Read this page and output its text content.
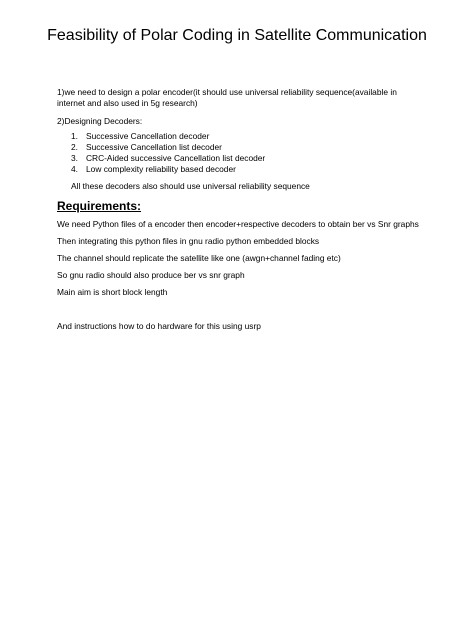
Feasibility of Polar Coding in Satellite Communication
1)we need to design a polar encoder(it should use universal reliability sequence(available in internet and also used in 5g research)
2)Designing Decoders:
1. Successive Cancellation decoder
2. Successive Cancellation list decoder
3. CRC-Aided successive Cancellation list decoder
4. Low complexity reliability based decoder
All these decoders also should use universal reliability sequence
Requirements:
We need Python files of a encoder then encoder+respective decoders to obtain ber vs Snr graphs
Then integrating this python files in gnu radio python embedded blocks
The channel should replicate the satellite like one (awgn+channel fading etc)
So gnu radio should also produce ber vs snr graph
Main aim is short block length
And instructions how to do hardware for this using usrp
